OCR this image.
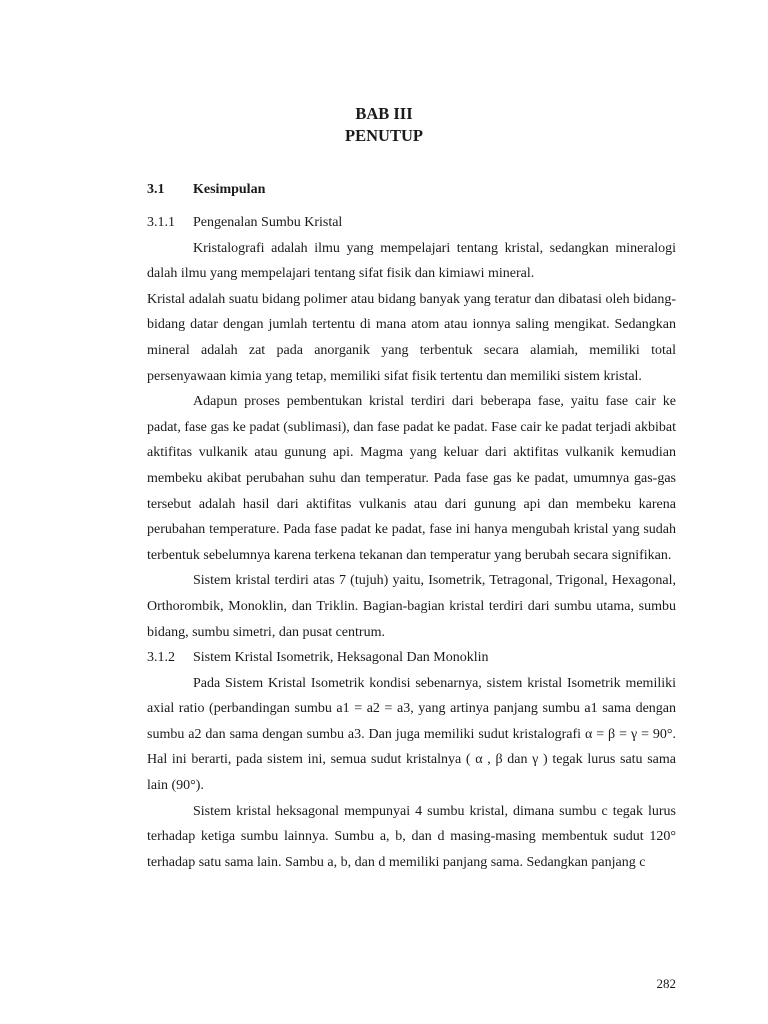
BAB III
PENUTUP
3.1 Kesimpulan
3.1.1 Pengenalan Sumbu Kristal

Kristalografi adalah ilmu yang mempelajari tentang kristal, sedangkan mineralogi dalah ilmu yang mempelajari tentang sifat fisik dan kimiawi mineral.

Kristal adalah suatu bidang polimer atau bidang banyak yang teratur dan dibatasi oleh bidang-bidang datar dengan jumlah tertentu di mana atom atau ionnya saling mengikat. Sedangkan mineral adalah zat pada anorganik yang terbentuk secara alamiah, memiliki total persenyawaan kimia yang tetap, memiliki sifat fisik tertentu dan memiliki sistem kristal.

Adapun proses pembentukan kristal terdiri dari beberapa fase, yaitu fase cair ke padat, fase gas ke padat (sublimasi), dan fase padat ke padat. Fase cair ke padat terjadi akbibat aktifitas vulkanik atau gunung api. Magma yang keluar dari aktifitas vulkanik kemudian membeku akibat perubahan suhu dan temperatur. Pada fase gas ke padat, umumnya gas-gas tersebut adalah hasil dari aktifitas vulkanis atau dari gunung api dan membeku karena perubahan temperature. Pada fase padat ke padat, fase ini hanya mengubah kristal yang sudah terbentuk sebelumnya karena terkena tekanan dan temperatur yang berubah secara signifikan.

Sistem kristal terdiri atas 7 (tujuh) yaitu, Isometrik, Tetragonal, Trigonal, Hexagonal, Orthorombik, Monoklin, dan Triklin. Bagian-bagian kristal terdiri dari sumbu utama, sumbu bidang, sumbu simetri, dan pusat centrum.

3.1.2 Sistem Kristal Isometrik, Heksagonal Dan Monoklin

Pada Sistem Kristal Isometrik kondisi sebenarnya, sistem kristal Isometrik memiliki axial ratio (perbandingan sumbu a1 = a2 = a3, yang artinya panjang sumbu a1 sama dengan sumbu a2 dan sama dengan sumbu a3. Dan juga memiliki sudut kristalografi α = β = γ = 90°. Hal ini berarti, pada sistem ini, semua sudut kristalnya ( α , β dan γ ) tegak lurus satu sama lain (90°).

Sistem kristal heksagonal mempunyai 4 sumbu kristal, dimana sumbu c tegak lurus terhadap ketiga sumbu lainnya. Sumbu a, b, dan d masing-masing membentuk sudut 120° terhadap satu sama lain. Sambu a, b, dan d memiliki panjang sama. Sedangkan panjang c

282
